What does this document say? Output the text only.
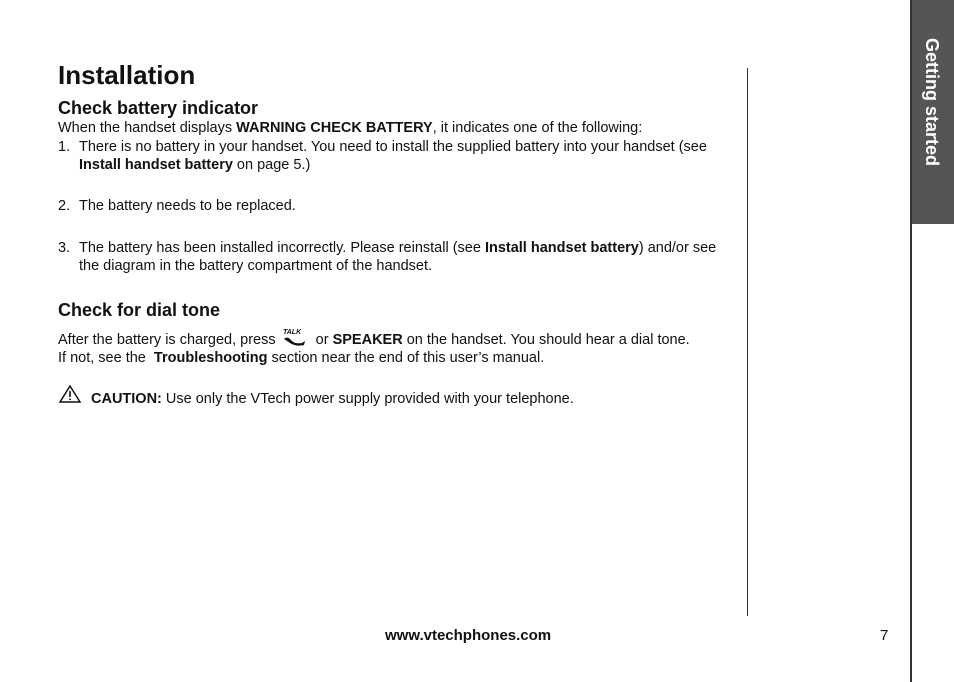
Getting started
Installation
Check battery indicator
When the handset displays WARNING CHECK BATTERY, it indicates one of the following:
1. There is no battery in your handset. You need to install the supplied battery into your handset (see Install handset battery on page 5.)
2. The battery needs to be replaced.
3. The battery has been installed incorrectly. Please reinstall (see Install handset battery) and/or see the diagram in the battery compartment of the handset.
Check for dial tone
After the battery is charged, press TALK or SPEAKER on the handset. You should hear a dial tone.
If not, see the  Troubleshooting section near the end of this user’s manual.
CAUTION: Use only the VTech power supply provided with your telephone.
www.vtechphones.com	7
